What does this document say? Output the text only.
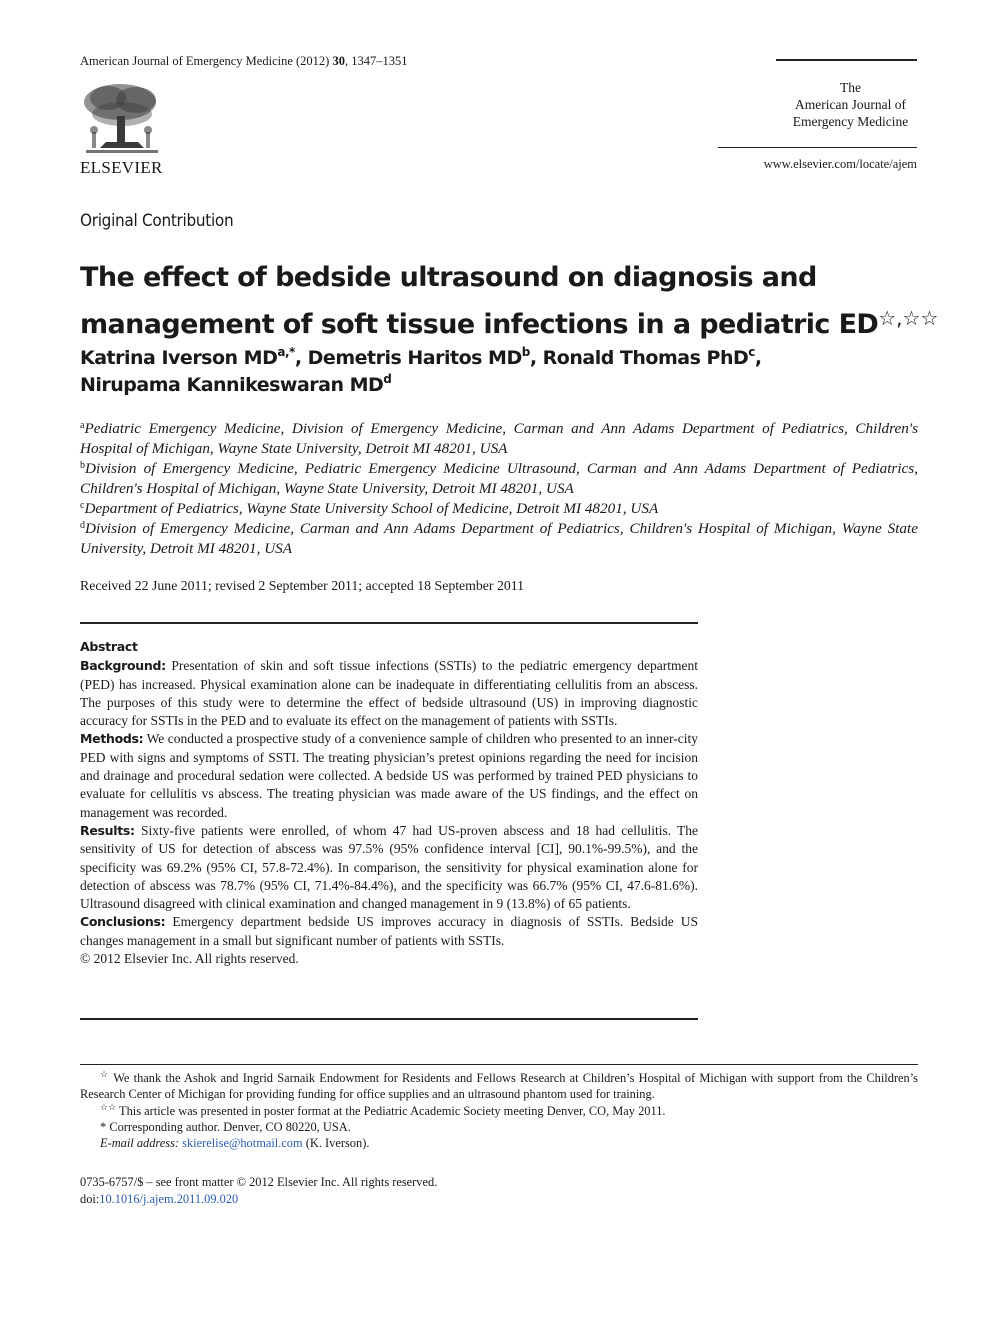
American Journal of Emergency Medicine (2012) 30, 1347–1351
ELSEVIER
The
American Journal of
Emergency Medicine
www.elsevier.com/locate/ajem
Original Contribution
The effect of bedside ultrasound on diagnosis and management of soft tissue infections in a pediatric ED☆,☆☆
Katrina Iverson $MD^{a,*}$, Demetris Haritos $MD^b$, Ronald Thomas PhD$^c$,
Nirupama Kannikeswaran $MD^d$

$^a$Pediatric Emergency Medicine, Division of Emergency Medicine, Carman and Ann Adams Department of Pediatrics, Children's Hospital of Michigan, Wayne State University, Detroit MI 48201, USA

$^b$Division of Emergency Medicine, Pediatric Emergency Medicine Ultrasound, Carman and Ann Adams Department of Pediatrics, Children's Hospital of Michigan, Wayne State University, Detroit MI 48201, USA

$^c$Department of Pediatrics, Wayne State University School of Medicine, Detroit MI 48201, USA

$^d$Division of Emergency Medicine, Carman and Ann Adams Department of Pediatrics, Children's Hospital of Michigan, Wayne State University, Detroit MI 48201, USA

Received 22 June 2011; revised 2 September 2011; accepted 18 September 2011
Abstract

Background: Presentation of skin and soft tissue infections (SSTIs) to the pediatric emergency department (PED) has increased. Physical examination alone can be inadequate in differentiating cellulitis from an abscess. The purposes of this study were to determine the effect of bedside ultrasound (US) in improving diagnostic accuracy for SSTIs in the PED and to evaluate its effect on the management of patients with SSTIs.

Methods: We conducted a prospective study of a convenience sample of children who presented to an inner-city PED with signs and symptoms of SSTI. The treating physician’s pretest opinions regarding the need for incision and drainage and procedural sedation were collected. A bedside US was performed by trained PED physicians to evaluate for cellulitis vs abscess. The treating physician was made aware of the US findings, and the effect on management was recorded.

Results: Sixty-five patients were enrolled, of whom 47 had US-proven abscess and 18 had cellulitis. The sensitivity of US for detection of abscess was 97.5% (95% confidence interval [CI], 90.1%-99.5%), and the specificity was 69.2% (95% CI, 57.8-72.4%). In comparison, the sensitivity for physical examination alone for detection of abscess was 78.7% (95% CI, 71.4%-84.4%), and the specificity was 66.7% (95% CI, 47.6-81.6%). Ultrasound disagreed with clinical examination and changed management in 9 (13.8%) of 65 patients.

Conclusions: Emergency department bedside US improves accuracy in diagnosis of SSTIs. Bedside US changes management in a small but significant number of patients with SSTIs.

© 2012 Elsevier Inc. All rights reserved.

☆ We thank the Ashok and Ingrid Sarnaik Endowment for Residents and Fellows Research at Children’s Hospital of Michigan with support from the Children’s Research Center of Michigan for providing funding for office supplies and an ultrasound phantom used for training.

☆☆ This article was presented in poster format at the Pediatric Academic Society meeting Denver, CO, May 2011.

* Corresponding author. Denver, CO 80220, USA.

E-mail address: skierelise@hotmail.com (K. Iverson).

0735-6757/$ – see front matter © 2012 Elsevier Inc. All rights reserved.
doi:10.1016/j.ajem.2011.09.020
